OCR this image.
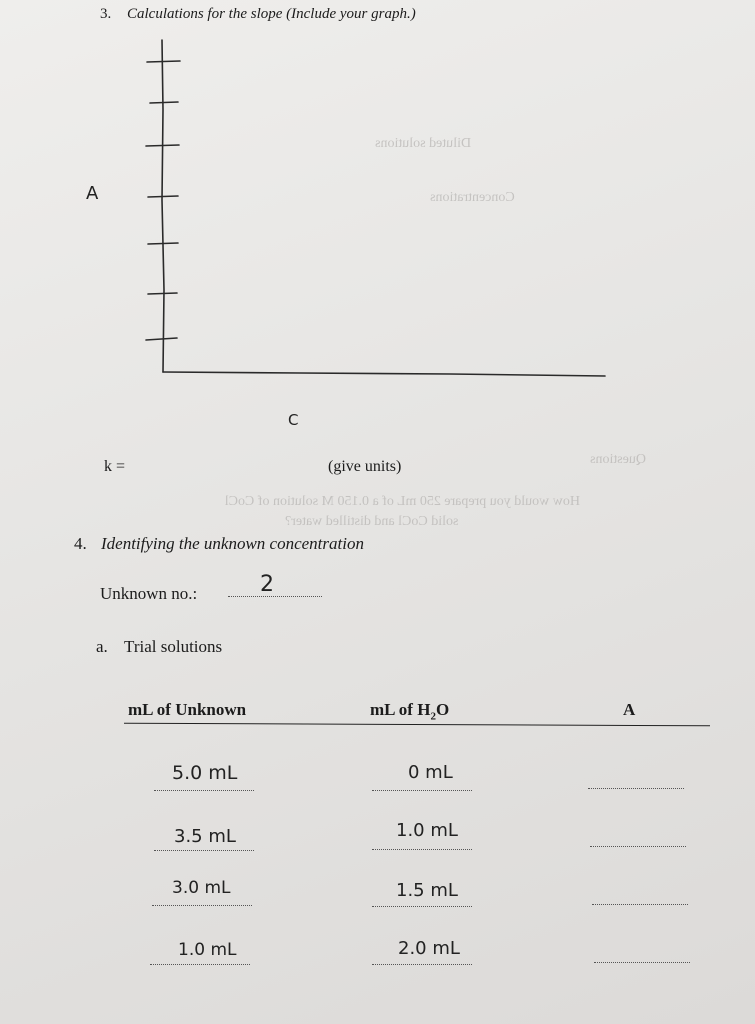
Questions
How would you prepare 250 mL of a 0.150 M solution of CoCl
solid CoCl and distilled water?
Diluted solutions
Concentrations
3. Calculations for the slope (Include your graph.)
A
C
k =	(give units)
4. Identifying the unknown concentration
Unknown no.:	2
a. Trial solutions
mL of Unknown	mL of $H_2O$	A
5.0 mL	0 mL
3.5 mL	1.0 mL
3.0 mL	1.5 mL
1.0 mL	2.0 mL
